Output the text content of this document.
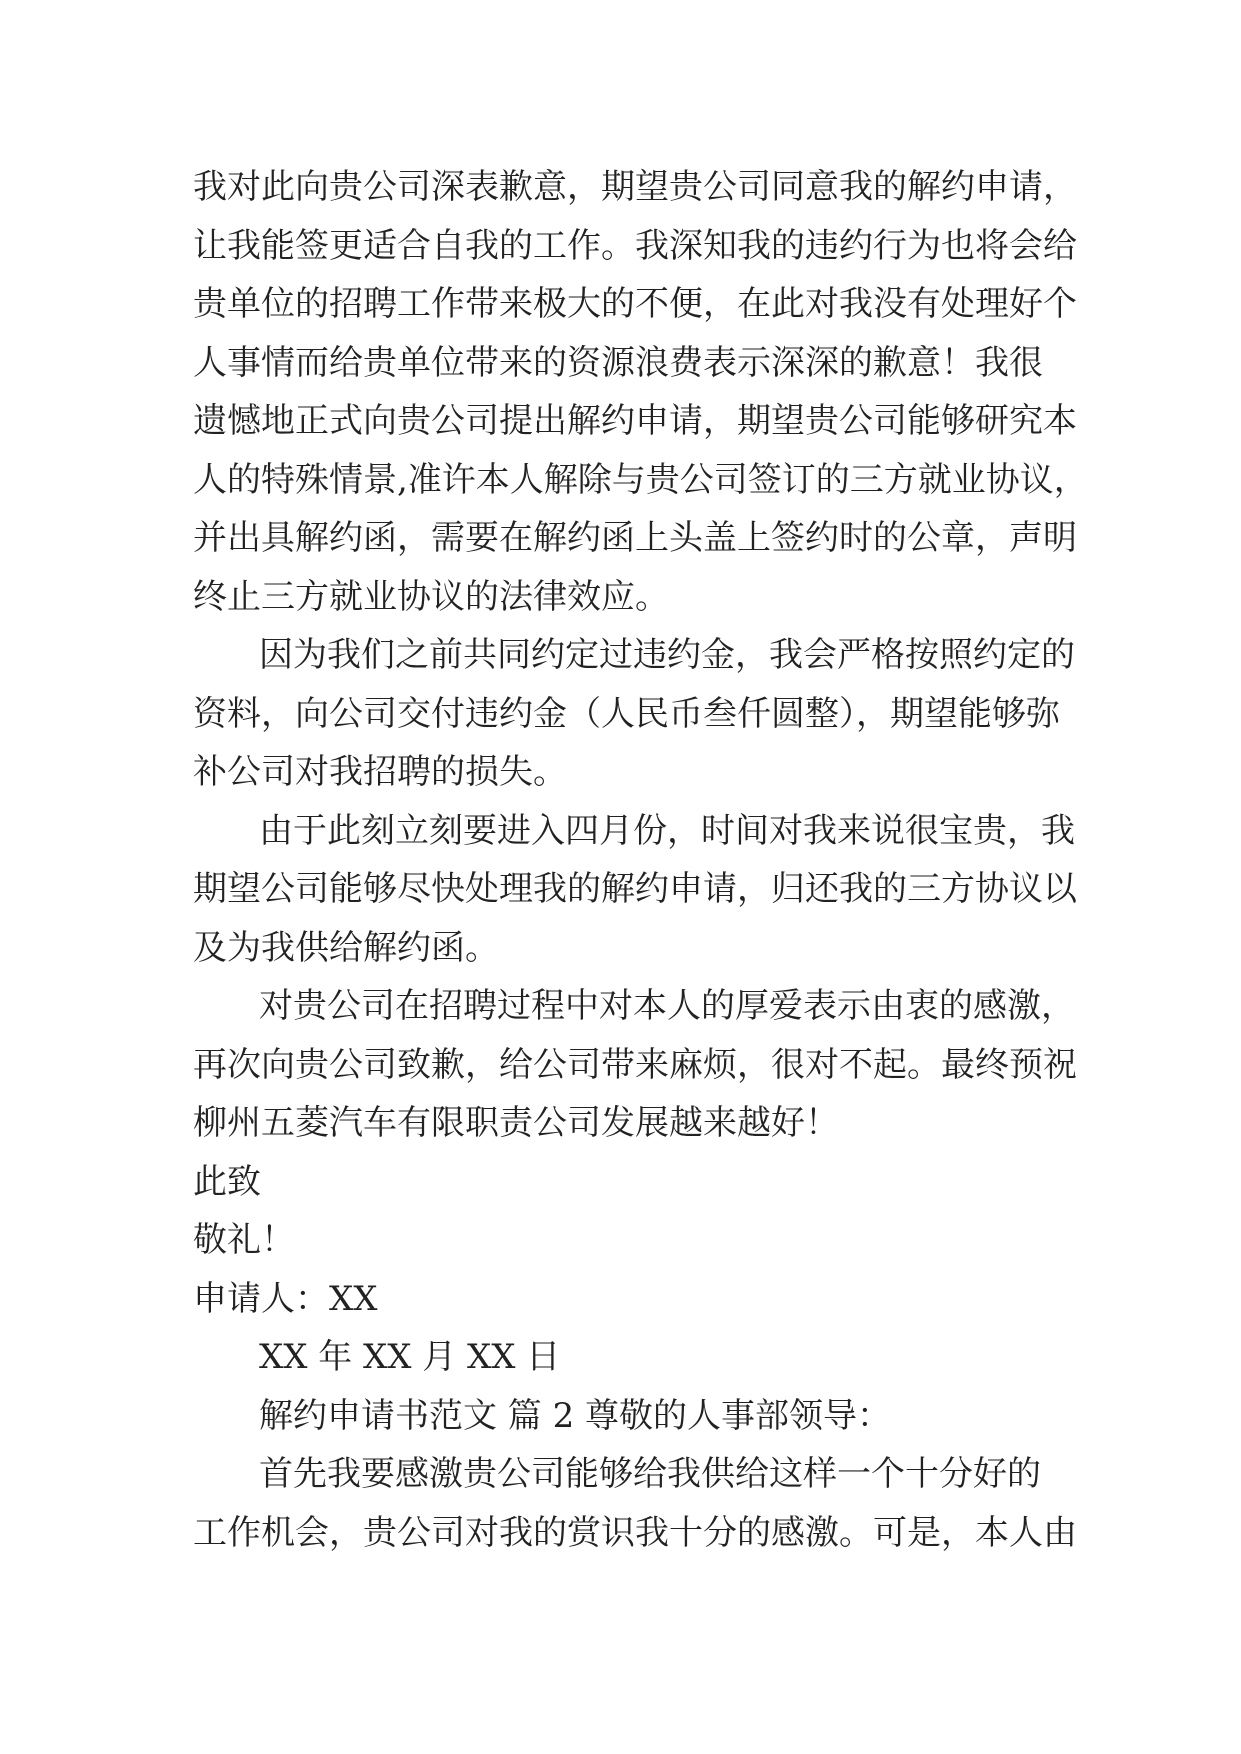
我对此向贵公司深表歉意，期望贵公司同意我的解约申请，
让我能签更适合自我的工作。我深知我的违约行为也将会给
贵单位的招聘工作带来极大的不便，在此对我没有处理好个
人事情而给贵单位带来的资源浪费表示深深的歉意！我很
遗憾地正式向贵公司提出解约申请，期望贵公司能够研究本
人的特殊情景,准许本人解除与贵公司签订的三方就业协议，
并出具解约函，需要在解约函上头盖上签约时的公章，声明
终止三方就业协议的法律效应。
因为我们之前共同约定过违约金，我会严格按照约定的
资料，向公司交付违约金（人民币叁仟圆整），期望能够弥
补公司对我招聘的损失。
由于此刻立刻要进入四月份，时间对我来说很宝贵，我
期望公司能够尽快处理我的解约申请，归还我的三方协议以
及为我供给解约函。
对贵公司在招聘过程中对本人的厚爱表示由衷的感激，
再次向贵公司致歉，给公司带来麻烦，很对不起。最终预祝
柳州五菱汽车有限职责公司发展越来越好！
此致
敬礼！
申请人：XX
XX 年 XX 月 XX 日
解约申请书范文 篇 2 尊敬的人事部领导：
首先我要感激贵公司能够给我供给这样一个十分好的
工作机会，贵公司对我的赏识我十分的感激。可是，本人由
